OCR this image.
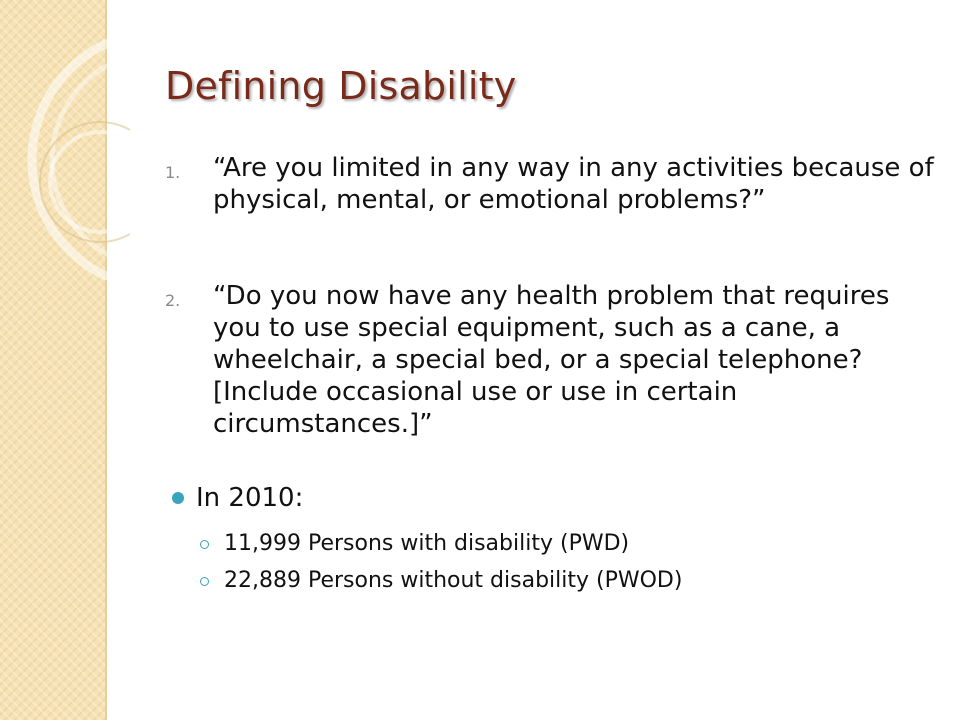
Defining Disability
1.	“Are you limited in any way in any activities because of physical, mental, or emotional problems?”
2.	“Do you now have any health problem that requires you to use special equipment, such as a cane, a wheelchair, a special bed, or a special telephone? [Include occasional use or use in certain circumstances.]”
In 2010:
11,999 Persons with disability (PWD)
22,889 Persons without disability (PWOD)
